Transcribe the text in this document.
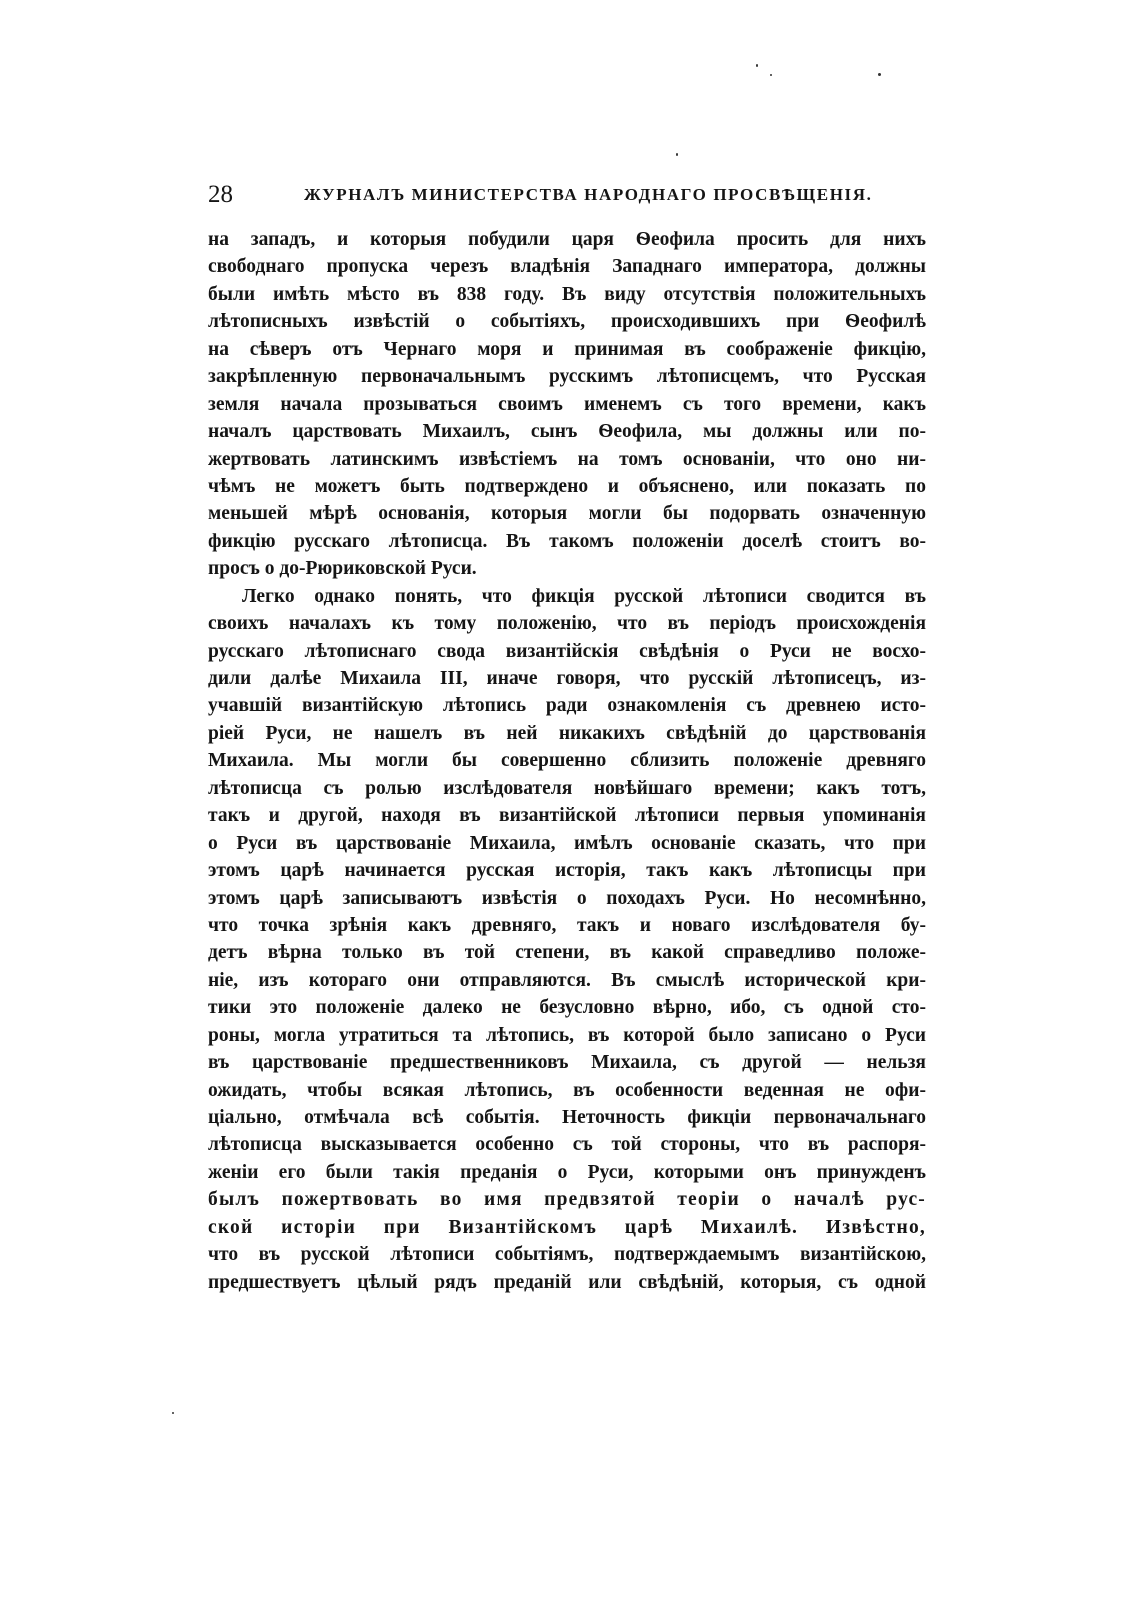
28	ЖУРНАЛЪ МИНИСТЕРСТВА НАРОДНАГО ПРОСВѢЩЕНІЯ.
на западъ, и которыя побудили царя Ѳеофила просить для нихъ
свободнаго пропуска черезъ владѣнія Западнаго императора, должны
были имѣть мѣсто въ 838 году. Въ виду отсутствія положительныхъ
лѣтописныхъ извѣстій о событіяхъ, происходившихъ при Ѳеофилѣ
на сѣверъ отъ Чернаго моря и принимая въ соображеніе фикцію,
закрѣпленную первоначальнымъ русскимъ лѣтописцемъ, что Русская
земля начала прозываться своимъ именемъ съ того времени, какъ
началъ царствовать Михаилъ, сынъ Ѳеофила, мы должны или по-
жертвовать латинскимъ извѣстіемъ на томъ основаніи, что оно ни-
чѣмъ не можетъ быть подтверждено и объяснено, или показать по
меньшей мѣрѣ основанія, которыя могли бы подорвать означенную
фикцію русскаго лѣтописца. Въ такомъ положеніи доселѣ стоитъ во-
просъ о до-Рюриковской Руси.
Легко однако понять, что фикція русской лѣтописи сводится въ
своихъ началахъ къ тому положенію, что въ періодъ происхожденія
русскаго лѣтописнаго свода византійскія свѣдѣнія о Руси не восхо-
дили далѣе Михаила III, иначе говоря, что русскій лѣтописецъ, из-
учавшій византійскую лѣтопись ради ознакомленія съ древнею исто-
ріей Руси, не нашелъ въ ней никакихъ свѣдѣній до царствованія
Михаила. Мы могли бы совершенно сблизить положеніе древняго
лѣтописца съ ролью изслѣдователя новѣйшаго времени; какъ тотъ,
такъ и другой, находя въ византійской лѣтописи первыя упоминанія
о Руси въ царствованіе Михаила, имѣлъ основаніе сказать, что при
этомъ царѣ начинается русская исторія, такъ какъ лѣтописцы при
этомъ царѣ записываютъ извѣстія о походахъ Руси. Но несомнѣнно,
что точка зрѣнія какъ древняго, такъ и новаго изслѣдователя бу-
детъ вѣрна только въ той степени, въ какой справедливо положе-
ніе, изъ котораго они отправляются. Въ смыслѣ исторической кри-
тики это положеніе далеко не безусловно вѣрно, ибо, съ одной сто-
роны, могла утратиться та лѣтопись, въ которой было записано о Руси
въ царствованіе предшественниковъ Михаила, съ другой — нельзя
ожидать, чтобы всякая лѣтопись, въ особенности веденная не офи-
ціально, отмѣчала всѣ событія. Неточность фикціи первоначальнаго
лѣтописца высказывается особенно съ той стороны, что въ распоря-
женіи его были такія преданія о Руси, которыми онъ принужденъ
былъ пожертвовать во имя предвзятой теоріи о началѣ рус-
ской исторіи при Византійскомъ царѣ Михаилѣ. Извѣстно,
что въ русской лѣтописи событіямъ, подтверждаемымъ византійскою,
предшествуетъ цѣлый рядъ преданій или свѣдѣній, которыя, съ одной
